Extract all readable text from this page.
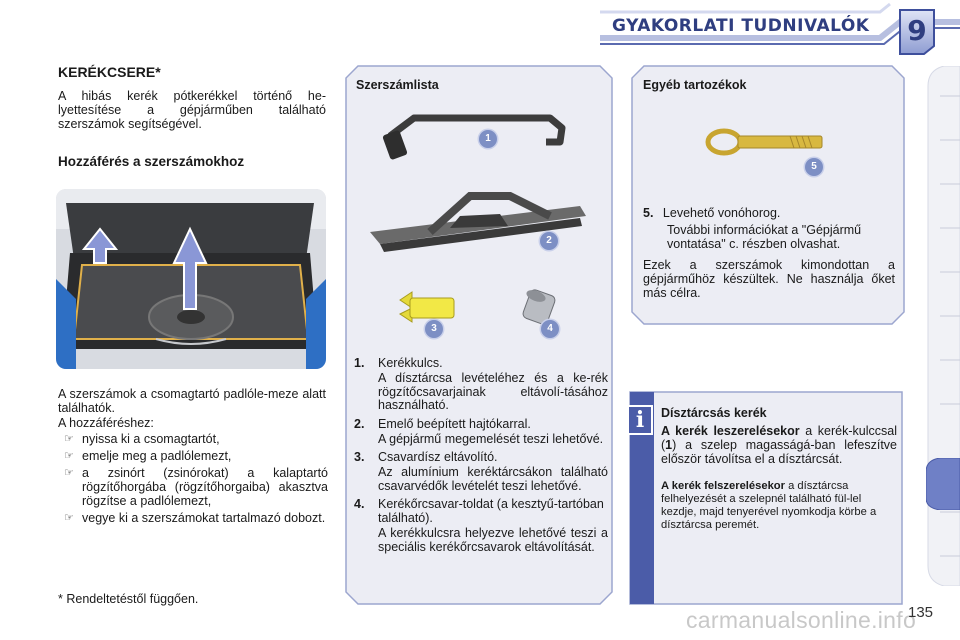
GYAKORLATI TUDNIVALÓK	9
KERÉKCSERE*
A hibás kerék pótkerékkel történő he-lyettesítése a gépjárműben található szerszámok segítségével.
Hozzáférés a szerszámokhoz
A szerszámok a csomagtartó padlóle-meze alatt találhatók.
A hozzáféréshez:
☞ nyissa ki a csomagtartót,
☞ emelje meg a padlólemezt,
☞ a zsinórt (zsinórokat) a kalaptartó rögzítőhorgába (rögzítőhorgaiba) akasztva rögzítse a padlólemezt,
☞ vegye ki a szerszámokat tartalmazó dobozt.
* Rendeltetéstől függően.
Szerszámlista
1
2
3	4
1. Kerékkulcs.
A dísztárcsa levételéhez és a ke-rék rögzítőcsavarjainak eltávolí-tásához használható.
2. Emelő beépített hajtókarral.
A gépjármű megemelését teszi lehetővé.
3. Csavardísz eltávolító.
Az alumínium keréktárcsákon található csavarvédők levételét teszi lehetővé.
4. Kerékőrcsavar-toldat (a kesztyű-tartóban található).
A kerékkulcsra helyezve lehetővé teszi a speciális kerékőrcsavarok eltávolítását.
Egyéb tartozékok
5
5. Levehető vonóhorog.
További információkat a "Gépjármű vontatása" c. részben olvashat.
Ezek a szerszámok kimondottan a gépjárműhöz készültek. Ne használja őket más célra.
i	Dísztárcsás kerék
A kerék leszerelésekor a kerék-kulccsal (1) a szelep magasságá-ban lefeszítve először távolítsa el a dísztárcsát.
A kerék felszerelésekor a dísztárcsa felhelyezését a szelepnél található fül-lel kezdje, majd tenyerével nyomkodja körbe a dísztárcsa peremét.
carmanualsonline.info
135
